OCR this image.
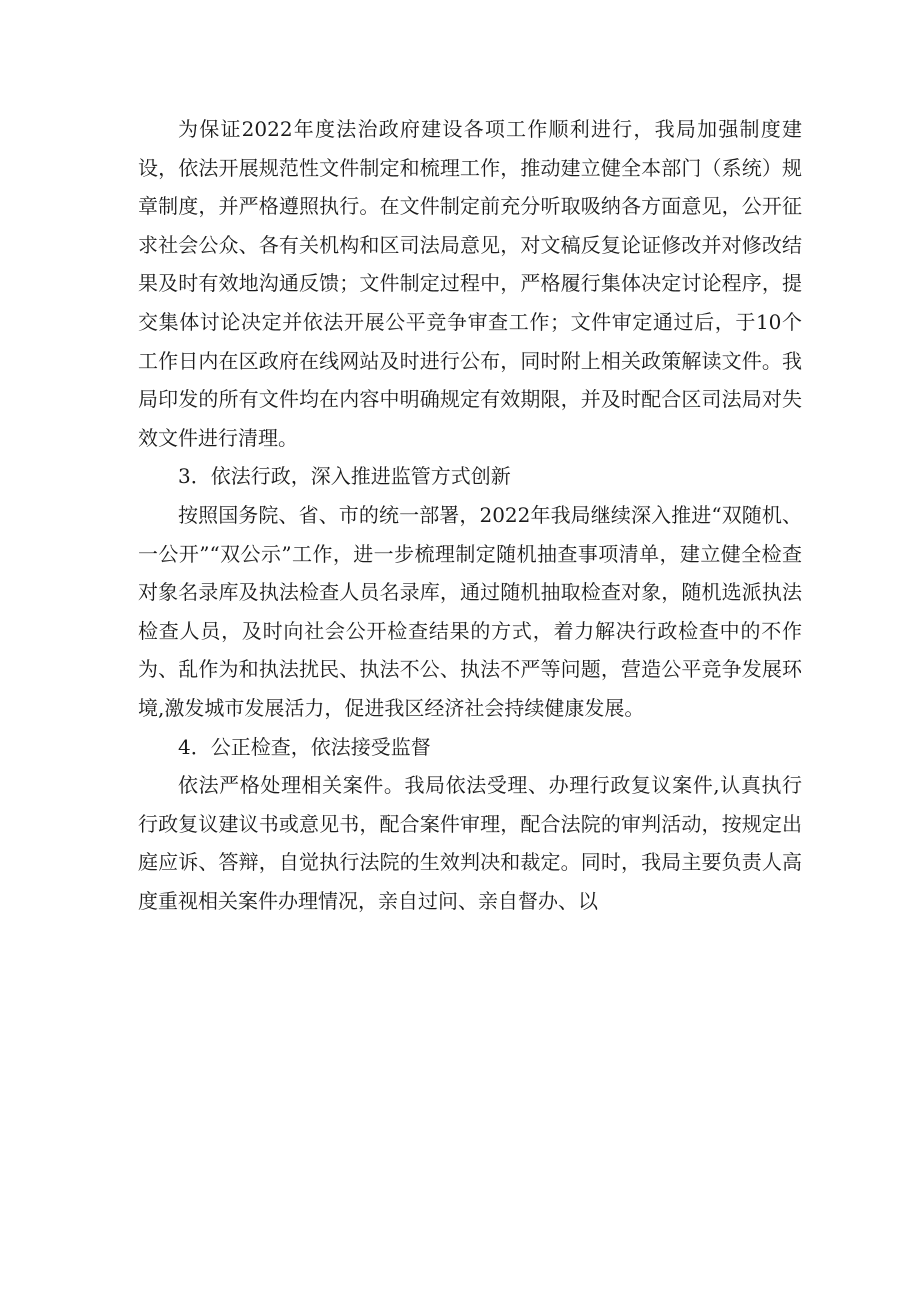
为保证2022年度法治政府建设各项工作顺利进行，我局加强制度建设，依法开展规范性文件制定和梳理工作，推动建立健全本部门（系统）规章制度，并严格遵照执行。在文件制定前充分听取吸纳各方面意见，公开征求社会公众、各有关机构和区司法局意见，对文稿反复论证修改并对修改结果及时有效地沟通反馈；文件制定过程中，严格履行集体决定讨论程序，提交集体讨论决定并依法开展公平竞争审查工作；文件审定通过后，于10个工作日内在区政府在线网站及时进行公布，同时附上相关政策解读文件。我局印发的所有文件均在内容中明确规定有效期限，并及时配合区司法局对失效文件进行清理。

3．依法行政，深入推进监管方式创新

按照国务院、省、市的统一部署，2022年我局继续深入推进“双随机、一公开”“双公示”工作，进一步梳理制定随机抽查事项清单，建立健全检查对象名录库及执法检查人员名录库，通过随机抽取检查对象，随机选派执法检查人员，及时向社会公开检查结果的方式，着力解决行政检查中的不作为、乱作为和执法扰民、执法不公、执法不严等问题，营造公平竞争发展环境,激发城市发展活力，促进我区经济社会持续健康发展。

4．公正检查，依法接受监督

依法严格处理相关案件。我局依法受理、办理行政复议案件,认真执行行政复议建议书或意见书，配合案件审理，配合法院的审判活动，按规定出庭应诉、答辩，自觉执行法院的生效判决和裁定。同时，我局主要负责人高度重视相关案件办理情况，亲自过问、亲自督办、以
